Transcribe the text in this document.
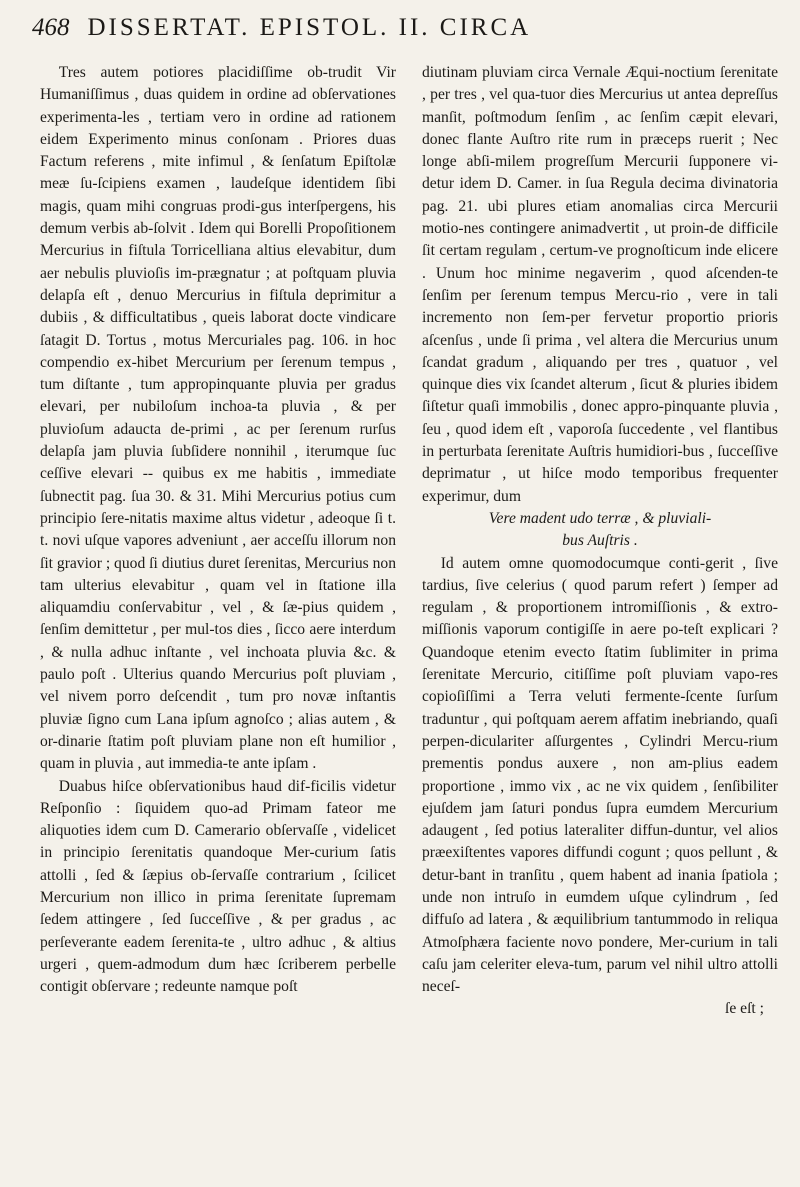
468 DISSERTAT. EPISTOL. II. CIRCA

Tres autem potiores placidiſſime ob-trudit Vir Humaniſſimus , duas quidem in ordine ad obſervationes experimenta-les , tertiam vero in ordine ad rationem eidem Experimento minus conſonam . Priores duas Factum referens , mite infimul , & ſenſatum Epiſtolæ meæ ſu-ſcipiens examen , laudeſque identidem ſibi magis, quam mihi congruas prodi-gus interſpergens, his demum verbis ab-ſolvit . Idem qui Borelli Propoſitionem Mercurius in fiſtula Torricelliana altius elevabitur, dum aer nebulis pluvioſis im-prægnatur ; at poſtquam pluvia delapſa eſt , denuo Mercurius in fiſtula deprimitur a dubiis , & difficultatibus , queis laborat docte vindicare ſatagit D. Tortus , motus Mercuriales pag. 106. in hoc compendio ex-hibet Mercurium per ſerenum tempus , tum diſtante , tum appropinquante pluvia per gradus elevari, per nubiloſum inchoa-ta pluvia , & per pluvioſum adaucta de-primi , ac per ſerenum rurſus delapſa jam pluvia ſubſidere nonnihil , iterumque ſuc ceſſive elevari -- quibus ex me habitis , immediate ſubnectit pag. ſua 30. & 31. Mihi Mercurius potius cum principio ſere-nitatis maxime altus videtur , adeoque ſi t. t. novi uſque vapores adveniunt , aer acceſſu illorum non ſit gravior ; quod ſi diutius duret ſerenitas, Mercurius non tam ulterius elevabitur , quam vel in ſtatione illa aliquamdiu conſervabitur , vel , & ſæ-pius quidem , ſenſim demittetur , per mul-tos dies , ſicco aere interdum , & nulla adhuc inſtante , vel inchoata pluvia &c. & paulo poſt . Ulterius quando Mercurius poſt pluviam , vel nivem porro deſcendit , tum pro novæ inſtantis pluviæ ſigno cum Lana ipſum agnoſco ; alias autem , & or-dinarie ſtatim poſt pluviam plane non eſt humilior , quam in pluvia , aut immedia-te ante ipſam .

Duabus hiſce obſervationibus haud dif-ficilis videtur Reſponſio : ſiquidem quo-ad Primam fateor me aliquoties idem cum D. Camerario obſervaſſe , videlicet in principio ſerenitatis quandoque Mer-curium ſatis attolli , ſed & ſæpius ob-ſervaſſe contrarium , ſcilicet Mercurium non illico in prima ſerenitate ſupremam ſedem attingere , ſed ſucceſſive , & per gradus , ac perſeverante eadem ſerenita-te , ultro adhuc , & altius urgeri , quem-admodum dum hæc ſcriberem perbelle contigit obſervare ; redeunte namque poſt

diutinam pluviam circa Vernale Æqui-noctium ſerenitate , per tres , vel qua-tuor dies Mercurius ut antea depreſſus manſit, poſtmodum ſenſim , ac ſenſim cæpit elevari, donec flante Auſtro rite rum in præceps ruerit ; Nec longe abſi-milem progreſſum Mercurii ſupponere vi-detur idem D. Camer. in ſua Regula decima divinatoria pag. 21. ubi plures etiam anomalias circa Mercurii motio-nes contingere animadvertit , ut proin-de difficile ſit certam regulam , certum-ve prognoſticum inde elicere . Unum hoc minime negaverim , quod aſcenden-te ſenſim per ſerenum tempus Mercu-rio , vere in tali incremento non ſem-per fervetur proportio prioris aſcenſus , unde ſi prima , vel altera die Mercurius unum ſcandat gradum , aliquando per tres , quatuor , vel quinque dies vix ſcandet alterum , ſicut & pluries ibidem ſiſtetur quaſi immobilis , donec appro-pinquante pluvia , ſeu , quod idem eſt , vaporoſa ſuccedente , vel flantibus in perturbata ſerenitate Auſtris humidiori-bus , ſucceſſive deprimatur , ut hiſce modo temporibus frequenter experimur, dum

Vere madent udo terræ , & pluviali-

bus Auſtris .

Id autem omne quomodocumque conti-gerit , ſive tardius, ſive celerius ( quod parum refert ) ſemper ad regulam , & proportionem intromiſſionis , & extro-miſſionis vaporum contigiſſe in aere po-teſt explicari ? Quandoque etenim evecto ſtatim ſublimiter in prima ſerenitate Mercurio, citiſſime poſt pluviam vapo-res copioſiſſimi a Terra veluti fermente-ſcente ſurſum traduntur , qui poſtquam aerem affatim inebriando, quaſi perpen-diculariter aſſurgentes , Cylindri Mercu-rium prementis pondus auxere , non am-plius eadem proportione , immo vix , ac ne vix quidem , ſenſibiliter ejuſdem jam ſaturi pondus ſupra eumdem Mercurium adaugent , ſed potius lateraliter diffun-duntur, vel alios præexiſtentes vapores diffundi cogunt ; quos pellunt , & detur-bant in tranſitu , quem habent ad inania ſpatiola ; unde non intruſo in eumdem uſque cylindrum , ſed diffuſo ad latera , & æquilibrium tantummodo in reliqua Atmoſphæra faciente novo pondere, Mer-curium in tali caſu jam celeriter eleva-tum, parum vel nihil ultro attolli neceſ-

ſe eſt ;
